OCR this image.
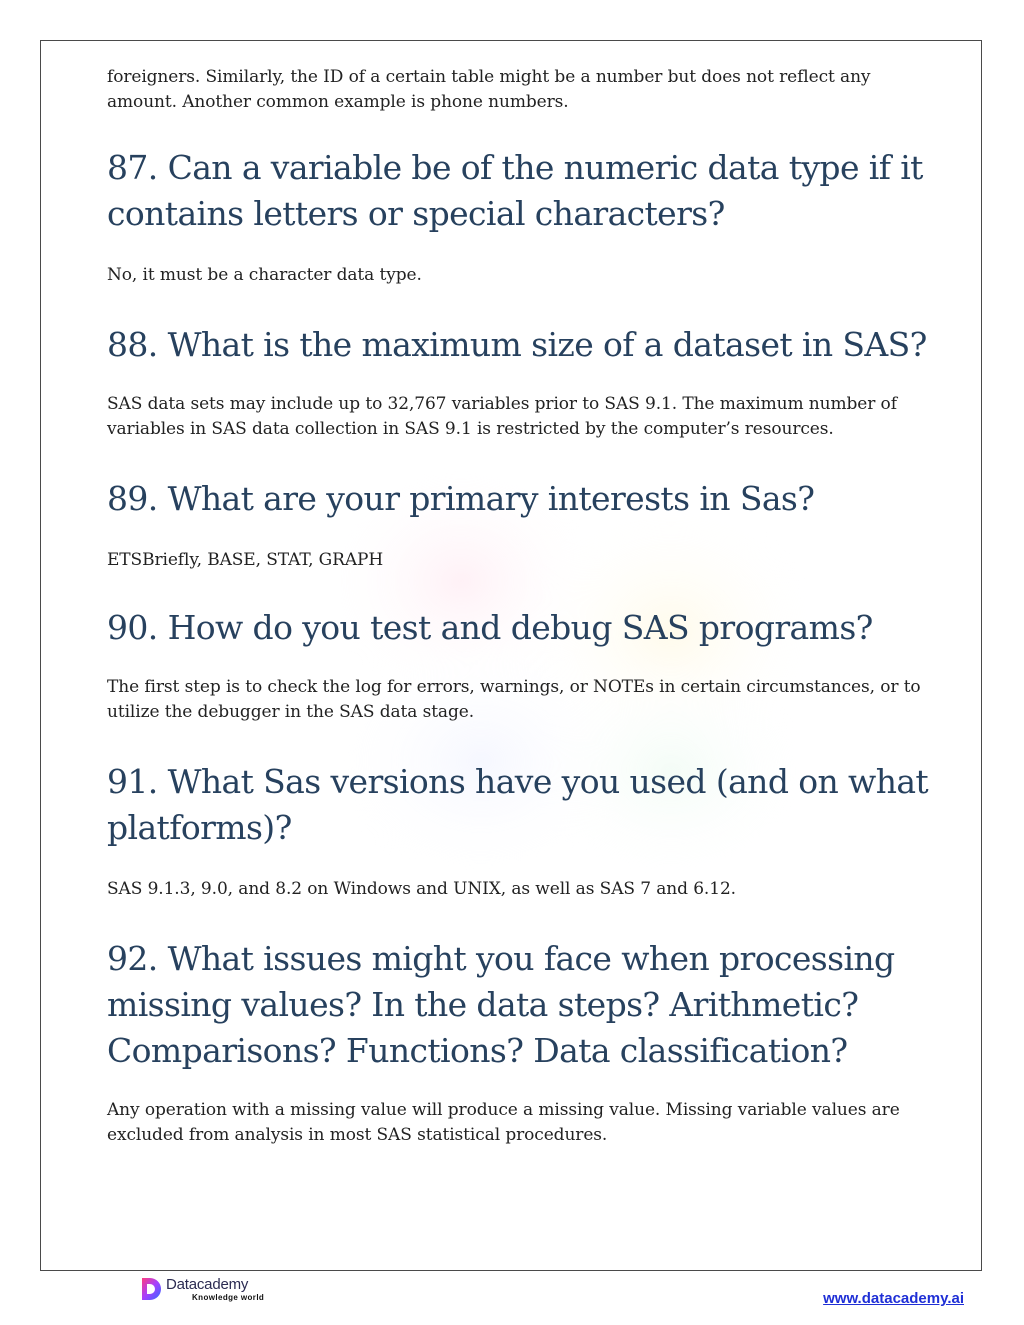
foreigners. Similarly, the ID of a certain table might be a number but does not reflect any amount. Another common example is phone numbers.

87. Can a variable be of the numeric data type if it contains letters or special characters?

No, it must be a character data type.

88. What is the maximum size of a dataset in SAS?

SAS data sets may include up to 32,767 variables prior to SAS 9.1. The maximum number of variables in SAS data collection in SAS 9.1 is restricted by the computer’s resources.

89. What are your primary interests in Sas?

ETSBriefly, BASE, STAT, GRAPH

90. How do you test and debug SAS programs?

The first step is to check the log for errors, warnings, or NOTEs in certain circumstances, or to utilize the debugger in the SAS data stage.

91. What Sas versions have you used (and on what platforms)?

SAS 9.1.3, 9.0, and 8.2 on Windows and UNIX, as well as SAS 7 and 6.12.

92. What issues might you face when processing missing values? In the data steps? Arithmetic? Comparisons? Functions? Data classification?

Any operation with a missing value will produce a missing value. Missing variable values are excluded from analysis in most SAS statistical procedures.

Datacademy
Knowledge world	www.datacademy.ai
